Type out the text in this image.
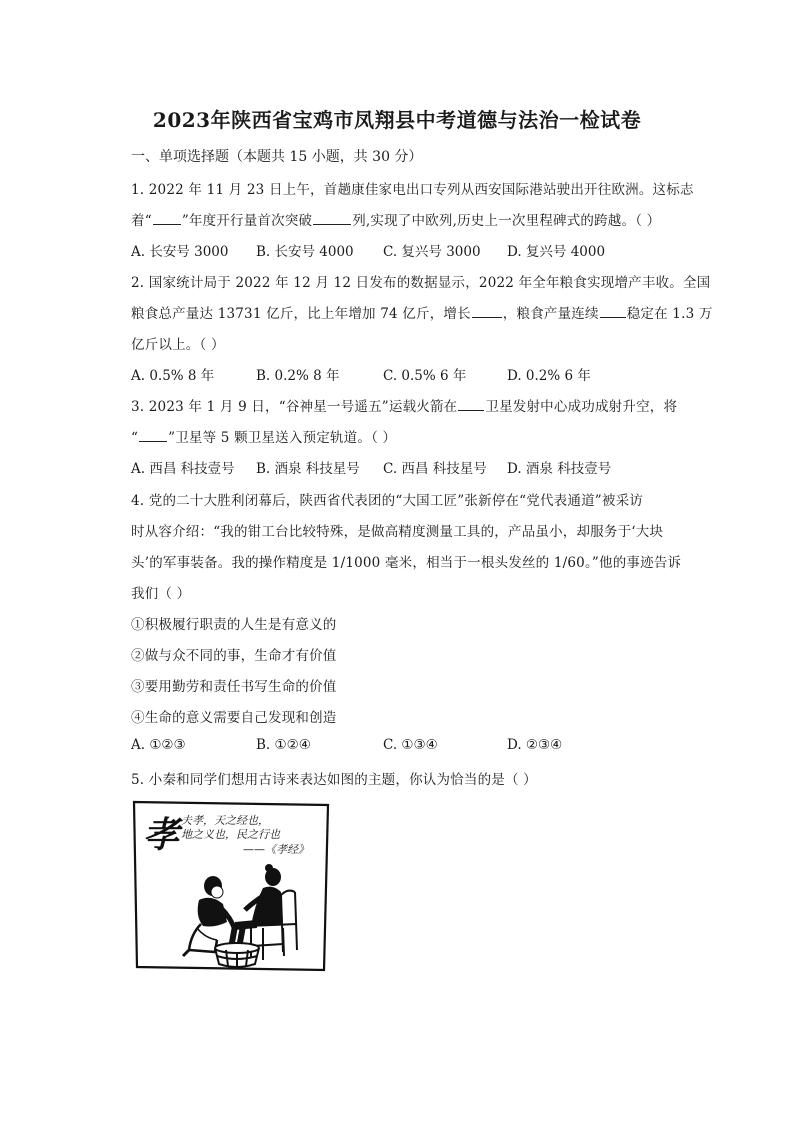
2023年陕西省宝鸡市凤翔县中考道德与法治一检试卷
一、单项选择题（本题共 15 小题，共 30 分）
1. 2022 年 11 月 23 日上午，首趟康佳家电出口专列从西安国际港站驶出开往欧洲。这标志
着“ ”年度开行量首次突破	列,实现了中欧列,历史上一次里程碑式的跨越。（ ）
A. 长安号 3000 B. 长安号 4000 C. 复兴号 3000 D. 复兴号 4000
2. 国家统计局于 2022 年 12 月 12 日发布的数据显示，2022 年全年粮食实现增产丰收。全国
粮食总产量达 13731 亿斤，比上年增加 74 亿斤，增长 ，粮食产量连续 稳定在 1.3 万
亿斤以上。（ ）
A. 0.5% 8 年	B. 0.2% 8 年	C. 0.5% 6 年	D. 0.2% 6 年
3. 2023 年 1 月 9 日，“谷神星一号遥五”运载火箭在 卫星发射中心成功成射升空，将
“ ”卫星等 5 颗卫星送入预定轨道。（ ）
A. 西昌 科技壹号 B. 酒泉 科技星号 C. 西昌 科技星号 D. 酒泉 科技壹号
4. 党的二十大胜利闭幕后，陕西省代表团的“大国工匠”张新停在“党代表通道”被采访
时从容介绍：“我的钳工台比较特殊，是做高精度测量工具的，产品虽小，却服务于‘大块
头’的军事装备。我的操作精度是 1/1000 毫米，相当于一根头发丝的 1/60。”他的事迹告诉
我们（ ）
①积极履行职责的人生是有意义的
②做与众不同的事，生命才有价值
③要用勤劳和责任书写生命的价值
④生命的意义需要自己发现和创造
A. ①②③	B. ①②④	C. ①③④	D. ②③④
5. 小秦和同学们想用古诗来表达如图的主题，你认为恰当的是（ ）
孝 夫孝，天之经也，
地之义也，民之行也
——《孝经》
